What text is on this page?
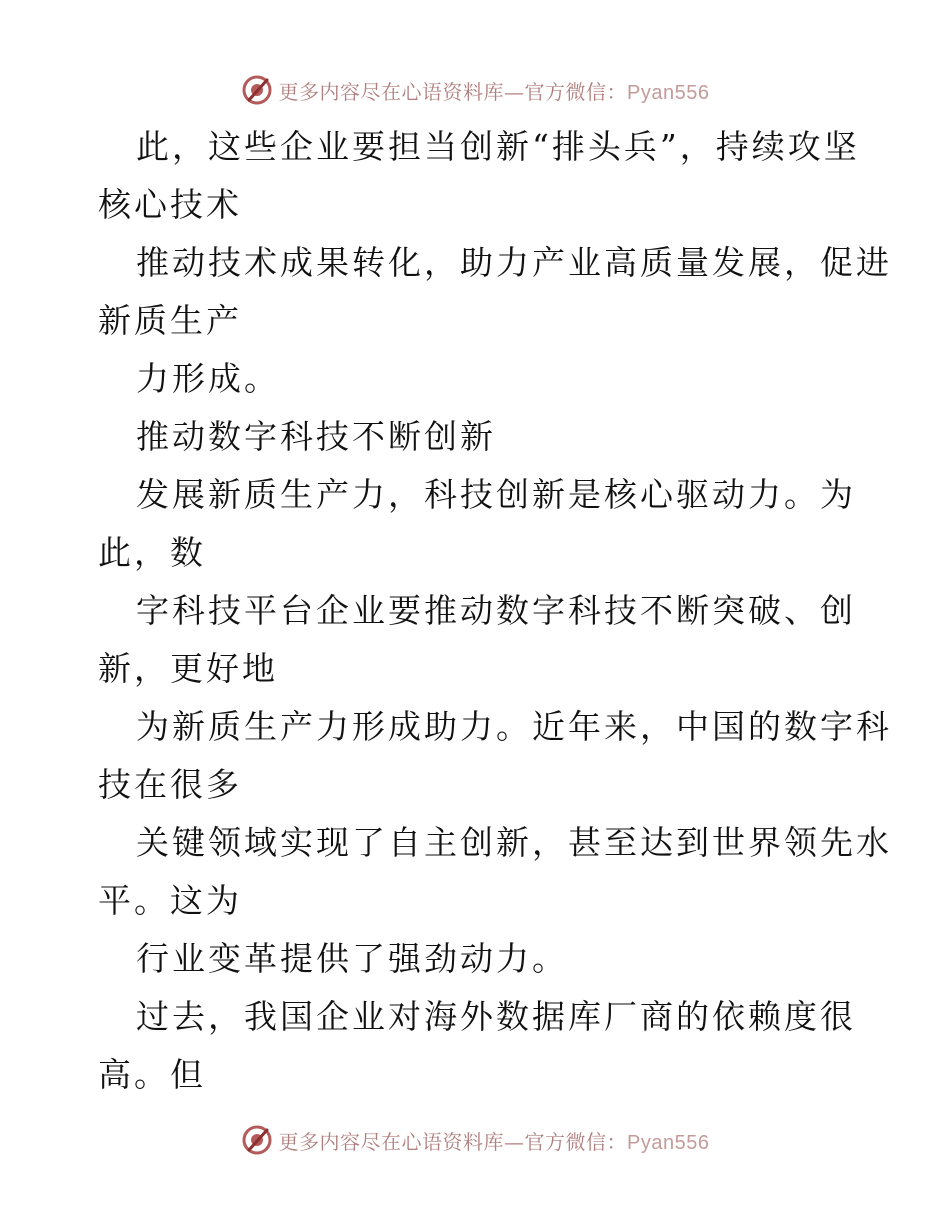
更多内容尽在心语资料库—官方微信：Pyan556
此，这些企业要担当创新“排头兵”，持续攻坚
核心技术
推动技术成果转化，助力产业高质量发展，促进
新质生产
力形成。
推动数字科技不断创新
发展新质生产力，科技创新是核心驱动力。为
此，数
字科技平台企业要推动数字科技不断突破、创
新，更好地
为新质生产力形成助力。近年来，中国的数字科
技在很多
关键领域实现了自主创新，甚至达到世界领先水
平。这为
行业变革提供了强劲动力。
过去，我国企业对海外数据库厂商的依赖度很
高。但
更多内容尽在心语资料库—官方微信：Pyan556
